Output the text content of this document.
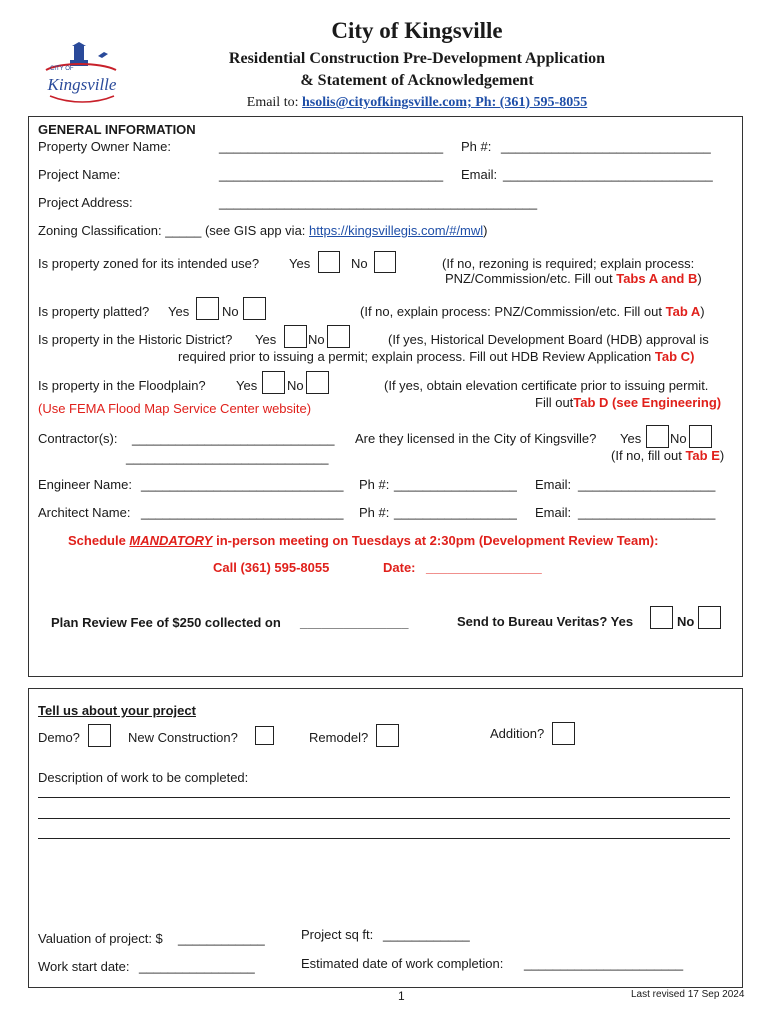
Kingsville
CITY OF
City of Kingsville
Residential Construction Pre-Development Application
& Statement of Acknowledgement
Email to: hsolis@cityofkingsville.com; Ph: (361) 595-8055
GENERAL INFORMATION
Property Owner Name:	_______________________________ Ph #: _____________________________
Project Name:	_______________________________ Email: _____________________________
Project Address:	____________________________________________
Zoning Classification: _____ (see GIS app via: https://kingsvillegis.com/#/mwl)
Is property zoned for its intended use? Yes	No	(If no, rezoning is required; explain process:
PNZ/Commission/etc. Fill out Tabs A and B)
Is property platted? Yes	No	(If no, explain process: PNZ/Commission/etc. Fill out Tab A)
Is property in the Historic District? Yes No	(If yes, Historical Development Board (HDB) approval is
required prior to issuing a permit; explain process. Fill out HDB Review Application Tab C)
Is property in the Floodplain? Yes No
(Use FEMA Flood Map Service Center website)
(If yes, obtain elevation certificate prior to issuing permit.
Fill outTab D (see Engineering)
Contractor(s): ____________________________
____________________________
Are they licensed in the City of Kingsville? Yes No
(If no, fill out Tab E)
Engineer Name: ____________________________ Ph #: _________________ Email: ___________________
Architect Name: ____________________________ Ph #: _________________ Email: ___________________
Schedule MANDATORY in-person meeting on Tuesdays at 2:30pm (Development Review Team):
Call (361) 595-8055	Date: ________________
Plan Review Fee of $250 collected on _______________	Send to Bureau Veritas? Yes	No
Tell us about your project
Demo?	New Construction?	Remodel?	Addition?
Description of work to be completed:
Valuation of project: $ ____________	Project sq ft: ____________
Work start date: ________________	Estimated date of work completion: ______________________
1	Last revised 17 Sep 2024
